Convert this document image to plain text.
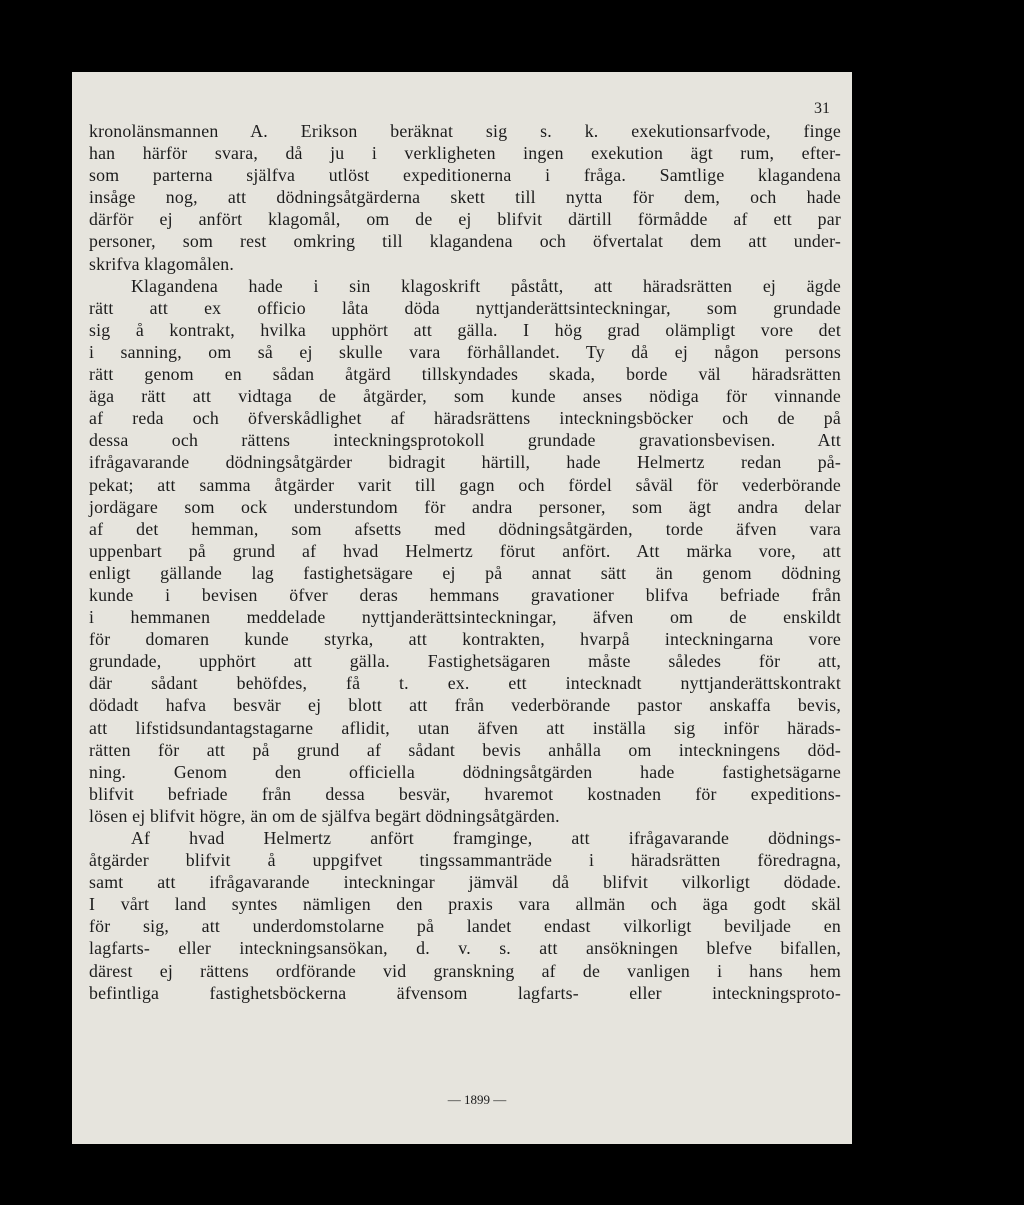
31
kronolänsmannen A. Erikson beräknat sig s. k. exekutionsarfvode, finge
han härför svara, då ju i verkligheten ingen exekution ägt rum, efter-
som parterna själfva utlöst expeditionerna i fråga. Samtlige klagandena
insåge nog, att dödningsåtgärderna skett till nytta för dem, och hade
därför ej anfört klagomål, om de ej blifvit därtill förmådde af ett par
personer, som rest omkring till klagandena och öfvertalat dem att under-
skrifva klagomålen.
Klagandena hade i sin klagoskrift påstått, att häradsrätten ej ägde
rätt att ex officio låta döda nyttjanderättsinteckningar, som grundade
sig å kontrakt, hvilka upphört att gälla. I hög grad olämpligt vore det
i sanning, om så ej skulle vara förhållandet. Ty då ej någon persons
rätt genom en sådan åtgärd tillskyndades skada, borde väl häradsrätten
äga rätt att vidtaga de åtgärder, som kunde anses nödiga för vinnande
af reda och öfverskådlighet af häradsrättens inteckningsböcker och de på
dessa och rättens inteckningsprotokoll grundade gravationsbevisen. Att
ifrågavarande dödningsåtgärder bidragit härtill, hade Helmertz redan på-
pekat; att samma åtgärder varit till gagn och fördel såväl för vederbörande
jordägare som ock understundom för andra personer, som ägt andra delar
af det hemman, som afsetts med dödningsåtgärden, torde äfven vara
uppenbart på grund af hvad Helmertz förut anfört. Att märka vore, att
enligt gällande lag fastighetsägare ej på annat sätt än genom dödning
kunde i bevisen öfver deras hemmans gravationer blifva befriade från
i hemmanen meddelade nyttjanderättsinteckningar, äfven om de enskildt
för domaren kunde styrka, att kontrakten, hvarpå inteckningarna vore
grundade, upphört att gälla. Fastighetsägaren måste således för att,
där sådant behöfdes, få t. ex. ett intecknadt nyttjanderättskontrakt
dödadt hafva besvär ej blott att från vederbörande pastor anskaffa bevis,
att lifstidsundantagstagarne aflidit, utan äfven att inställa sig inför härads-
rätten för att på grund af sådant bevis anhålla om inteckningens död-
ning. Genom den officiella dödningsåtgärden hade fastighetsägarne
blifvit befriade från dessa besvär, hvaremot kostnaden för expeditions-
lösen ej blifvit högre, än om de själfva begärt dödningsåtgärden.
Af hvad Helmertz anfört framginge, att ifrågavarande dödnings-
åtgärder blifvit å uppgifvet tingssammanträde i häradsrätten föredragna,
samt att ifrågavarande inteckningar jämväl då blifvit vilkorligt dödade.
I vårt land syntes nämligen den praxis vara allmän och äga godt skäl
för sig, att underdomstolarne på landet endast vilkorligt beviljade en
lagfarts- eller inteckningsansökan, d. v. s. att ansökningen blefve bifallen,
därest ej rättens ordförande vid granskning af de vanligen i hans hem
befintliga fastighetsböckerna äfvensom lagfarts- eller inteckningsproto-
— 1899 —
